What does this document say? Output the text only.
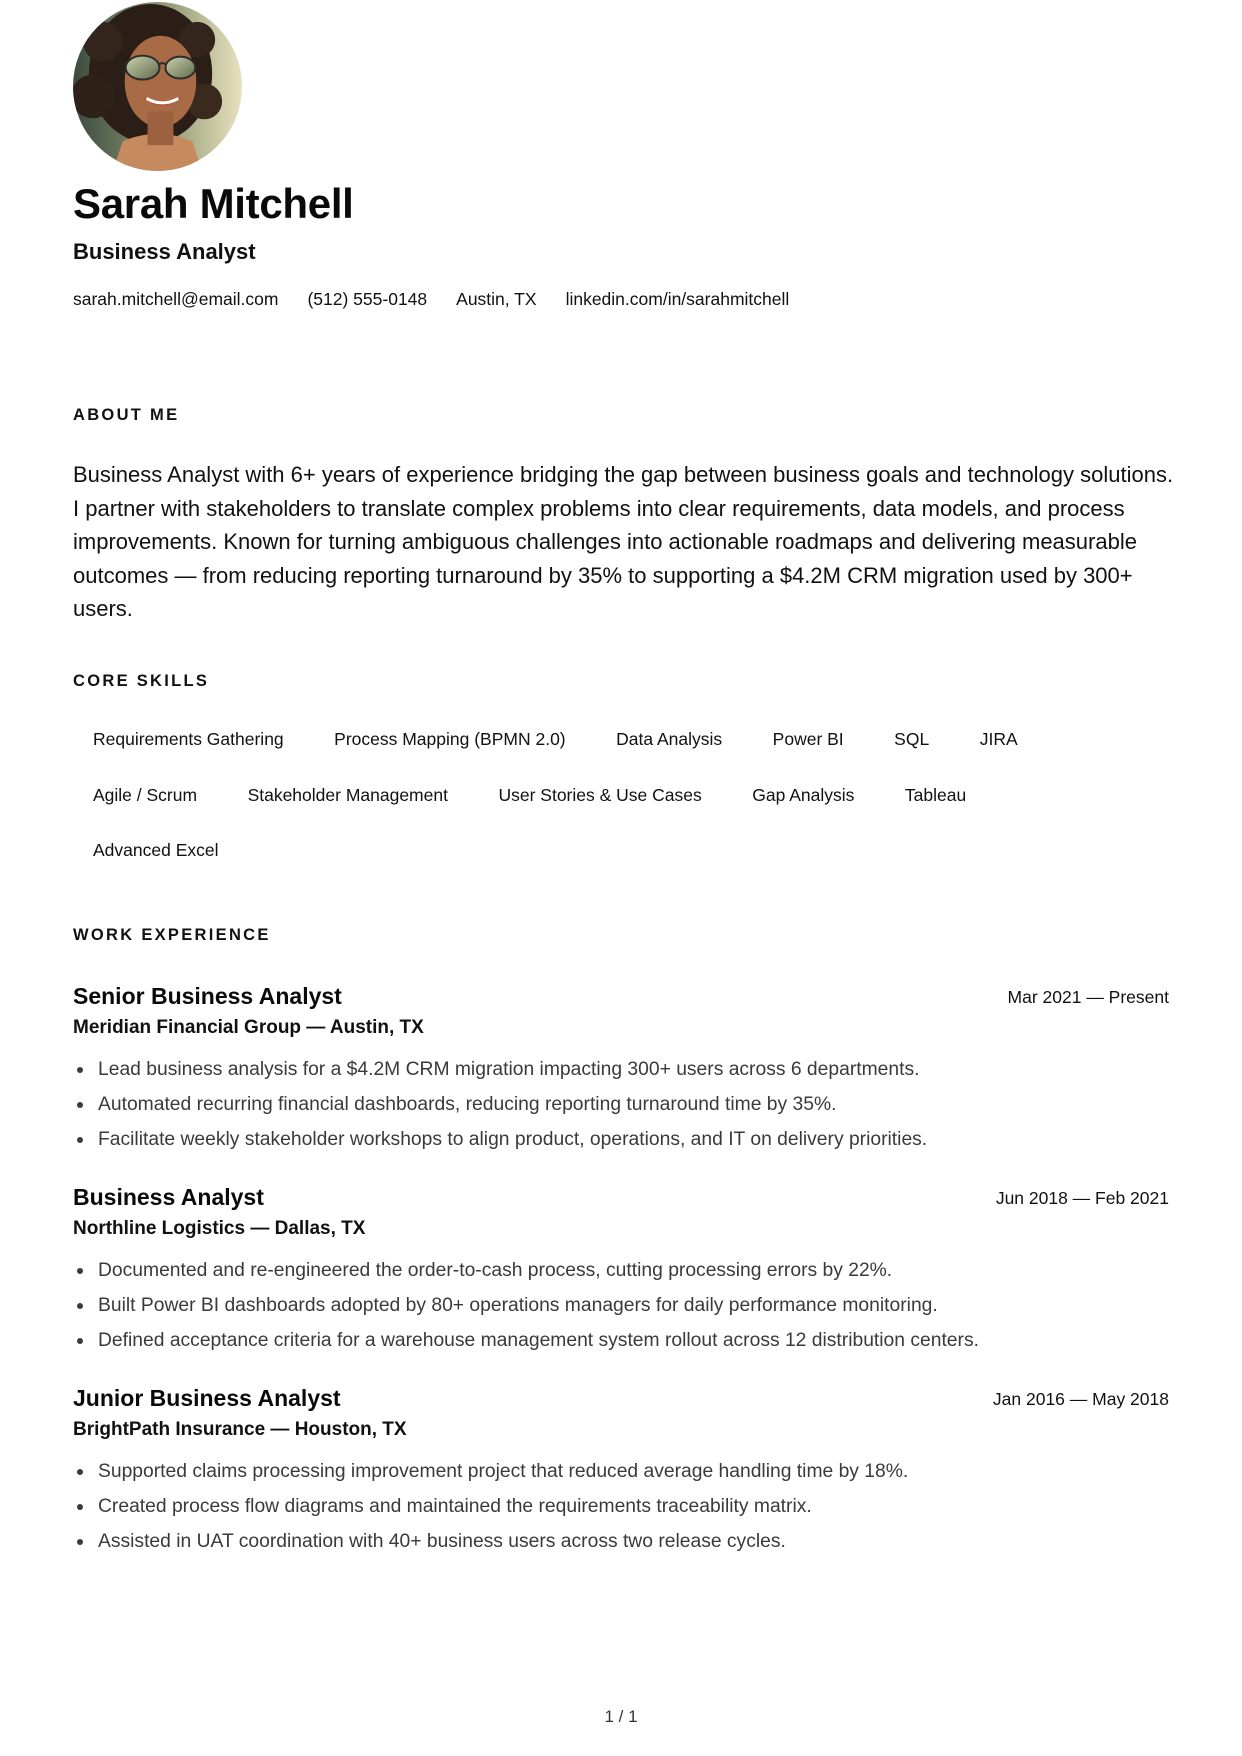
Sarah Mitchell
Business Analyst
sarah.mitchell@email.com (512) 555-0148 Austin, TX linkedin.com/in/sarahmitchell
ABOUT ME

Business Analyst with 6+ years of experience bridging the gap between business goals and technology solutions. I partner with stakeholders to translate complex problems into clear requirements, data models, and process improvements. Known for turning ambiguous challenges into actionable roadmaps and delivering measurable outcomes — from reducing reporting turnaround by 35% to supporting a $4.2M CRM migration used by 300+ users.

CORE SKILLS
Requirements Gathering	Process Mapping (BPMN 2.0)	Data Analysis	Power BI	SQL	JIRA
Agile / Scrum	Stakeholder Management	User Stories & Use Cases	Gap Analysis	Tableau
Advanced Excel
WORK EXPERIENCE
Senior Business Analyst	Mar 2021 — Present
Meridian Financial Group — Austin, TX
Lead business analysis for a $4.2M CRM migration impacting 300+ users across 6 departments.
Automated recurring financial dashboards, reducing reporting turnaround time by 35%.
Facilitate weekly stakeholder workshops to align product, operations, and IT on delivery priorities.
Business Analyst	Jun 2018 — Feb 2021
Northline Logistics — Dallas, TX
Documented and re-engineered the order-to-cash process, cutting processing errors by 22%.
Built Power BI dashboards adopted by 80+ operations managers for daily performance monitoring.
Defined acceptance criteria for a warehouse management system rollout across 12 distribution centers.
Junior Business Analyst	Jan 2016 — May 2018
BrightPath Insurance — Houston, TX
Supported claims processing improvement project that reduced average handling time by 18%.
Created process flow diagrams and maintained the requirements traceability matrix.
Assisted in UAT coordination with 40+ business users across two release cycles.
1 / 1
